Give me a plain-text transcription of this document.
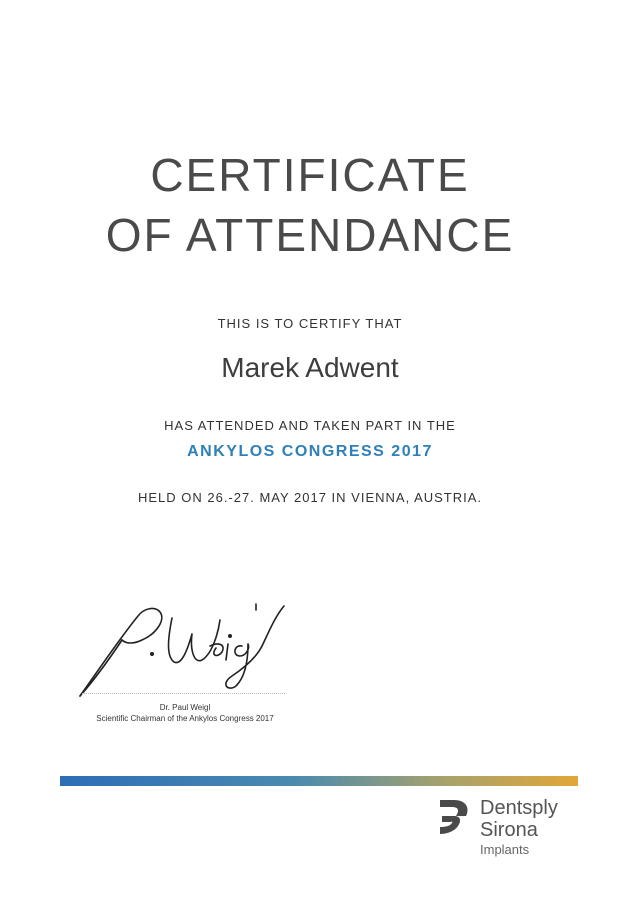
CERTIFICATE
OF ATTENDANCE
THIS IS TO CERTIFY THAT
Marek Adwent
HAS ATTENDED AND TAKEN PART IN THE
ANKYLOS CONGRESS 2017
HELD ON 26.-27. MAY 2017 IN VIENNA, AUSTRIA.
Dr. Paul Weigl
Scientific Chairman of the Ankylos Congress 2017
Dentsply
Sirona
Implants
